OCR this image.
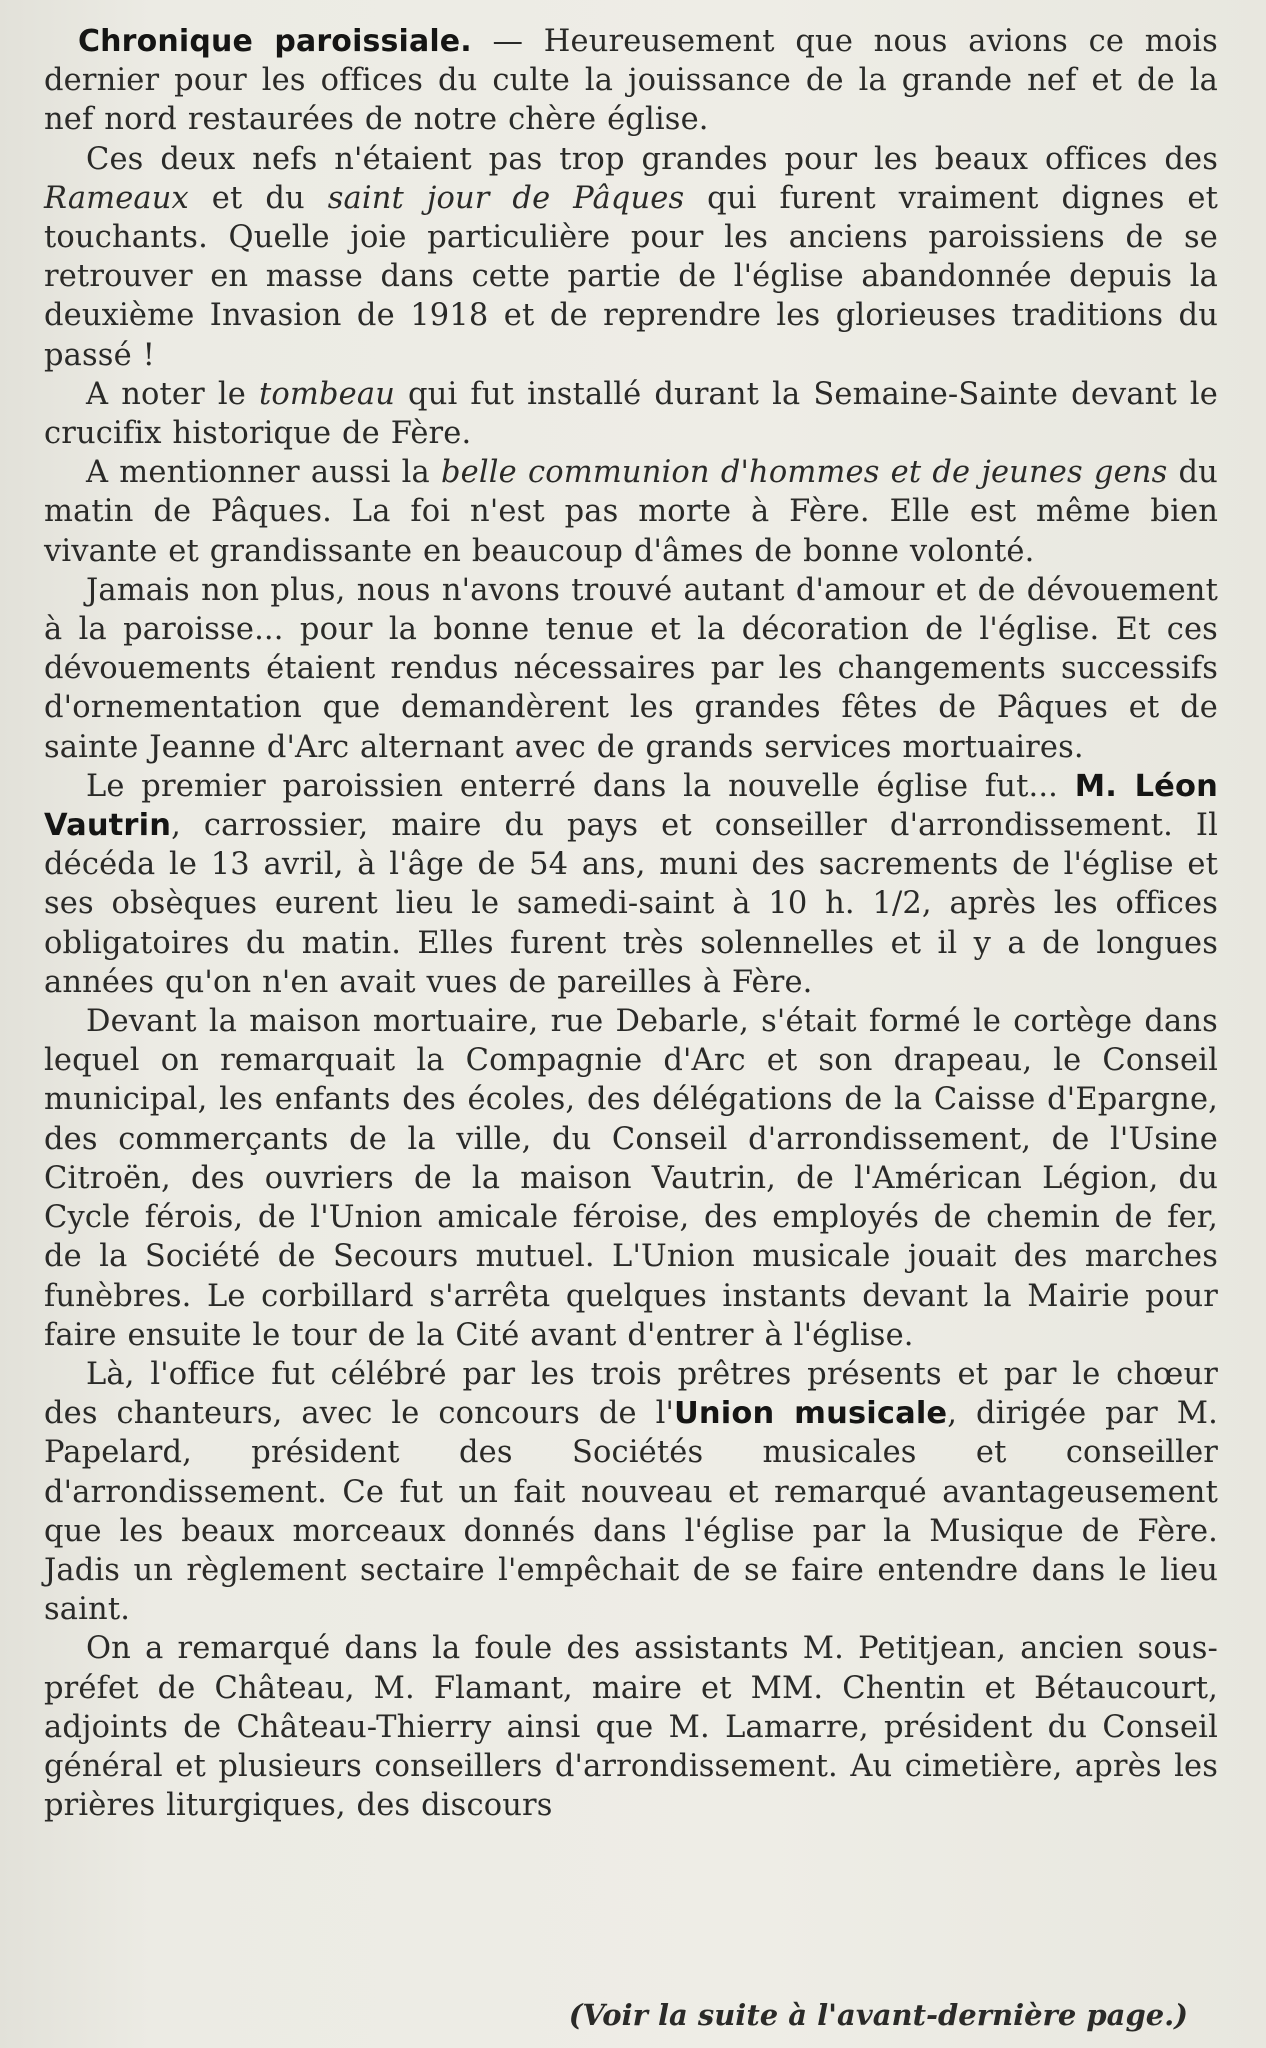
Chronique paroissiale. — Heureusement que nous avions ce mois dernier pour les offices du culte la jouissance de la grande nef et de la nef nord restaurées de notre chère église.

Ces deux nefs n'étaient pas trop grandes pour les beaux offices des Rameaux et du saint jour de Pâques qui furent vraiment dignes et touchants. Quelle joie particulière pour les anciens paroissiens de se retrouver en masse dans cette partie de l'église abandonnée depuis la deuxième Invasion de 1918 et de reprendre les glorieuses traditions du passé !

A noter le tombeau qui fut installé durant la Semaine-Sainte devant le crucifix historique de Fère.

A mentionner aussi la belle communion d'hommes et de jeunes gens du matin de Pâques. La foi n'est pas morte à Fère. Elle est même bien vivante et grandissante en beaucoup d'âmes de bonne volonté.

Jamais non plus, nous n'avons trouvé autant d'amour et de dévouement à la paroisse... pour la bonne tenue et la décoration de l'église. Et ces dévouements étaient rendus nécessaires par les changements successifs d'ornementation que demandèrent les grandes fêtes de Pâques et de sainte Jeanne d'Arc alternant avec de grands services mortuaires.

Le premier paroissien enterré dans la nouvelle église fut... M. Léon Vautrin, carrossier, maire du pays et conseiller d'arrondissement. Il décéda le 13 avril, à l'âge de 54 ans, muni des sacrements de l'église et ses obsèques eurent lieu le samedi-saint à 10 h. 1/2, après les offices obligatoires du matin. Elles furent très solennelles et il y a de longues années qu'on n'en avait vues de pareilles à Fère.

Devant la maison mortuaire, rue Debarle, s'était formé le cortège dans lequel on remarquait la Compagnie d'Arc et son drapeau, le Conseil municipal, les enfants des écoles, des délégations de la Caisse d'Epargne, des commerçants de la ville, du Conseil d'arrondissement, de l'Usine Citroën, des ouvriers de la maison Vautrin, de l'Américan Légion, du Cycle férois, de l'Union amicale féroise, des employés de chemin de fer, de la Société de Secours mutuel. L'Union musicale jouait des marches funèbres. Le corbillard s'arrêta quelques instants devant la Mairie pour faire ensuite le tour de la Cité avant d'entrer à l'église.

Là, l'office fut célébré par les trois prêtres présents et par le chœur des chanteurs, avec le concours de l'Union musicale, dirigée par M. Papelard, président des Sociétés musicales et conseiller d'arrondissement. Ce fut un fait nouveau et remarqué avantageusement que les beaux morceaux donnés dans l'église par la Musique de Fère. Jadis un règlement sectaire l'empêchait de se faire entendre dans le lieu saint.

On a remarqué dans la foule des assistants M. Petitjean, ancien sous-préfet de Château, M. Flamant, maire et MM. Chentin et Bétaucourt, adjoints de Château-Thierry ainsi que M. Lamarre, président du Conseil général et plusieurs conseillers d'arrondissement. Au cimetière, après les prières liturgiques, des discours

(Voir la suite à l'avant-dernière page.)
